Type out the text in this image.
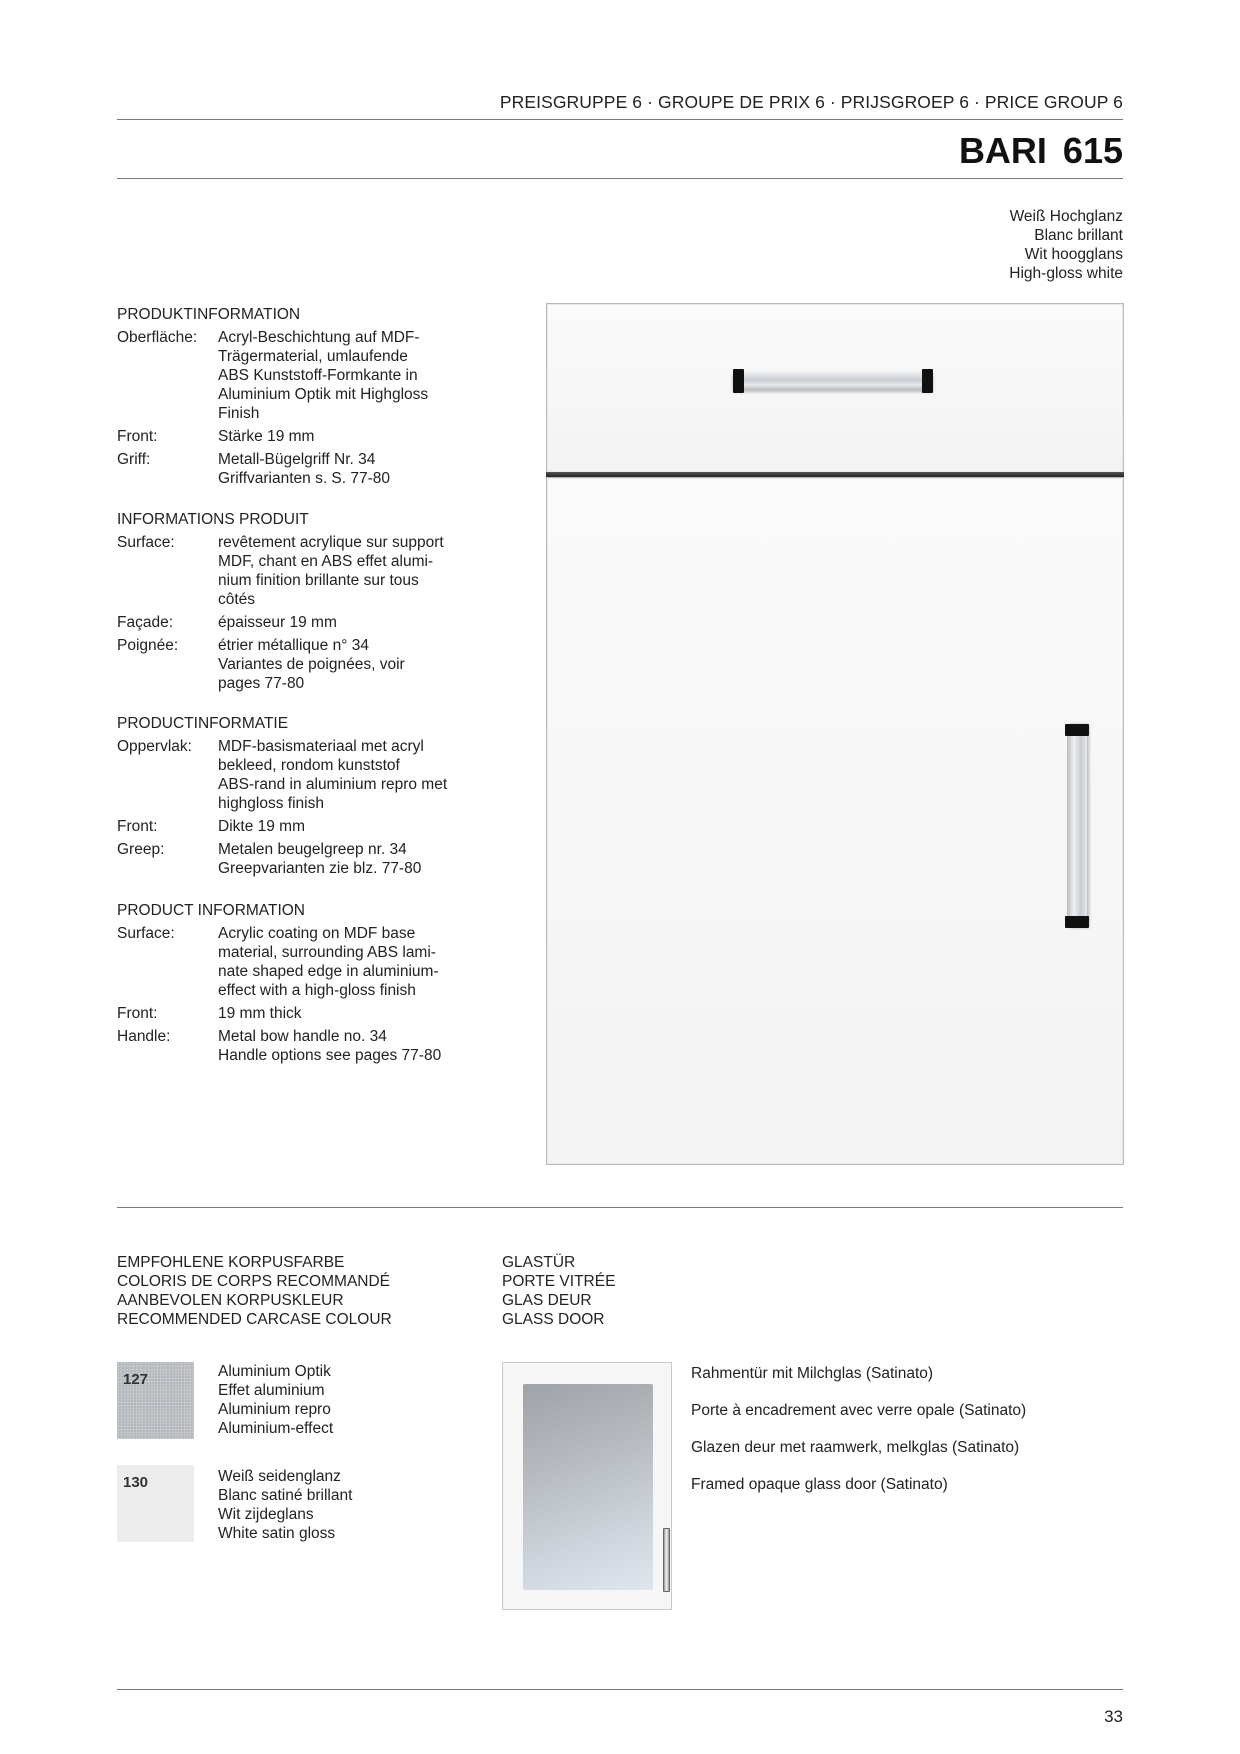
PREISGRUPPE 6 · GROUPE DE PRIX 6 · PRIJSGROEP 6 · PRICE GROUP 6
BARI 615
Weiß Hochglanz
Blanc brillant
Wit hoogglans
High-gloss white
PRODUKTINFORMATION
Oberfläche:	Acryl-Beschichtung auf MDF-
Trägermaterial, umlaufende
ABS Kunststoff-Formkante in
Aluminium Optik mit Highgloss
Finish
Front:	Stärke 19 mm
Griff:	Metall-Bügelgriff Nr. 34
Griffvarianten s. S. 77-80
INFORMATIONS PRODUIT
Surface:	revêtement acrylique sur support
MDF, chant en ABS effet alumi-
nium finition brillante sur tous
côtés
Façade:	épaisseur 19 mm
Poignée:	étrier métallique n° 34
Variantes de poignées, voir
pages 77-80
PRODUCTINFORMATIE
Oppervlak:	MDF-basismateriaal met acryl
bekleed, rondom kunststof
ABS-rand in aluminium repro met
highgloss finish
Front:	Dikte 19 mm
Greep:	Metalen beugelgreep nr. 34
Greepvarianten zie blz. 77-80
PRODUCT INFORMATION
Surface:	Acrylic coating on MDF base
material, surrounding ABS lami-
nate shaped edge in aluminium-
effect with a high-gloss finish
Front:	19 mm thick
Handle:	Metal bow handle no. 34
Handle options see pages 77-80
EMPFOHLENE KORPUSFARBE
COLORIS DE CORPS RECOMMANDÉ
AANBEVOLEN KORPUSKLEUR
RECOMMENDED CARCASE COLOUR
127	Aluminium Optik
Effet aluminium
Aluminium repro
Aluminium-effect
130	Weiß seidenglanz
Blanc satiné brillant
Wit zijdeglans
White satin gloss
GLASTÜR
PORTE VITRÉE
GLAS DEUR
GLASS DOOR
Rahmentür mit Milchglas (Satinato)
Porte à encadrement avec verre opale (Satinato)
Glazen deur met raamwerk, melkglas (Satinato)
Framed opaque glass door (Satinato)
33
